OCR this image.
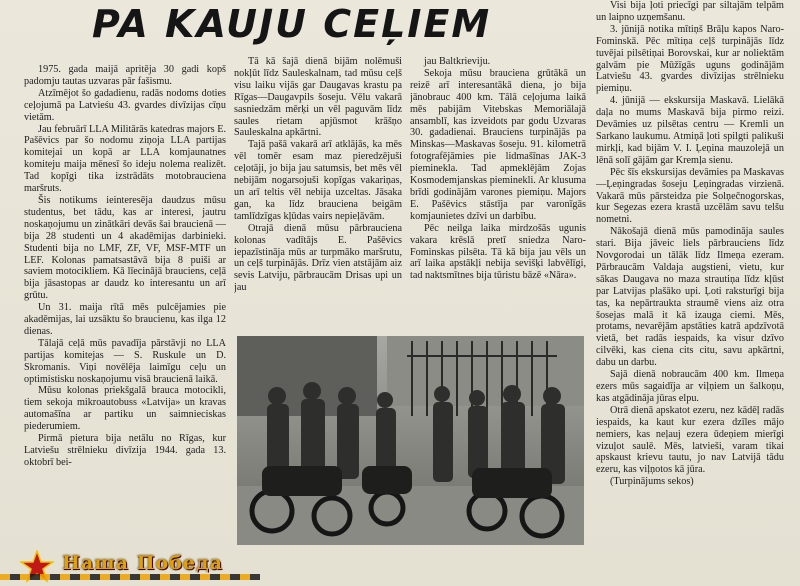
PA KAUJU CEĻIEM

1975. gada maijā apritēja 30 gadi kopš padomju tautas uzvaras pār fašismu.

Atzīmējot šo gadadienu, radās nodoms doties ceļojumā pa Latvieśu 43. gvardes divīzijas cīņu vietām.

Jau februārī LLA Militārās katedras majors E. Pašēvics par šo nodomu ziņoja LLA partijas komitejai un kopā ar LLA komjaunatnes komiteju maija mēnesī šo ideju nolema realizēt. Tad kopīgi tika izstrādāts motobrauciena maršruts.

Šis notikums ieinteresēja daudzus mūsu studentus, bet tādu, kas ar interesi, jautru noskaņojumu un zinātkāri devās šai braucienā — bija 28 studenti un 4 akadēmijas darbinieki. Studenti bija no LMF, ZF, VF, MSF-MTF un LEF. Kolonas pamatsastāvā bija 8 puiši ar saviem motocikliem. Kā līecinājā brauciens, ceļā bija jāsastopas ar daudz ko interesantu un arī grūtu.

Un 31. maija rītā mēs pulcējamies pie akadēmijas, lai uzsāktu šo braucienu, kas ilga 12 dienas.

Tālajā ceļā mūs pavadīja pārstāvji no LLA partijas komitejas — S. Ruskule un D. Skromanis. Viņi novēlēja laimīgu ceļu un optimistisku noskaņojumu visā braucienā laikā.

Mūsu kolonas priekšgalā brauca motocikli, tiem sekoja mikroautobuss «Latvija» un kravas automašīna ar partiku un saimnieciskas piederumiem.

Pirmā pietura bija netālu no Rīgas, kur Latviešu strēlnieku divīzija 1944. gada 13. oktobrī bei-

Tā kā šajā dienā bijām nolēmuši nokļūt līdz Sauleskalnam, tad mūsu ceļš visu laiku vijās gar Daugavas krastu pa Rīgas—Daugavpils šoseju. Vēlu vakarā sasniedzām mērķi un vēl paguvām līdz saules rietam apjūsmot krāšņo Sauleskalna apkārtni.

Tajā pašā vakarā arī atklājās, ka mēs vēl tomēr esam maz pieredzējuši ceļotāji, jo bija jau satumsis, bet mēs vēl nebijām nogarsojuši kopīgas vakariņas, un arī teltis vēl nebija uzceltas. Jāsaka gan, ka līdz brauciena beigām tamlīdzīgas kļūdas vairs nepieļāvām.

Otrajā dienā mūsu pārbrauciena kolonas vadītājs E. Pašēvics iepazīstināja mūs ar turpmāko maršrutu, un ceļš turpinājās. Drīz vien atstājām aiz sevis Latviju, pārbraucām Drisas upi un jau

jau Baltkrieviju.

Sekoja mūsu brauciena grūtākā un reizē arī interesantākā diena, jo bija jānobrauc 400 km. Tālā ceļojuma laikā mēs pabijām Vitebskas Memoriālajā ansamblī, kas izveidots par godu Uzvaras 30. gadadienai. Brauciens turpinājās pa Minskas—Maskavas šoseju. 91. kilometrā fotografējāmies pie lidmašīnas JAK-3 piemineklа. Tad apmeklējām Zojas Kosmodemjanskas pieminekli. Ar klusuma brīdi godinājām varones piemiņu. Majors E. Pašēvics stāstīja par varonīgās komjaunietes dzīvi un darbību.

Pēc neilga laika mirdzošās ugunis vakara krēslā pretī sniedza Naro-Fominskas pilsēta. Tā kā bija jau vēls un arī laika apstākļi nebija sevišķi labvēlīgi, tad naktsmītnes bija tūristu bāzē «Nāra».

Visi bija ļoti priecīgi par siltajām telpām un laipno uzņemšanu.

3. jūnijā notika mītiņš Brāļu kapos Naro-Fominskā. Pēc mītiņa ceļš turpinājās līdz tuvējai pilsētiņai Borovskai, kur ar noliektām galvām pie Mūžīgās uguns godinājām Latviešu 43. gvardes divīzijas strēlnieku piemiņu.

4. jūnijā — ekskursija Maskavā. Lielākā daļa no mums Maskavā bija pirmo reizi. Devāmies uz pilsētas centru — Kremli un Sarkano laukumu. Atmiņā ļoti spilgti palikuši mirkļi, kad bijām V. I. Ļeņina mauzolejā un lēnā solī gājām gar Kremļa sienu.

Pēc šīs ekskursijas devāmies pa Maskavas—Ļeņingradas šoseju Ļeņingradas virzienā. Vakarā mūs pārsteidza pie Solņečnogorskas, kur Segezas ezera krastā uzcēlām savu telšu nometni.

Nākošajā dienā mūs pamodināja saules stari. Bija jāveic liels pārbrauciens līdz Novgorodai un tālāk līdz Ilmeņa ezeram. Pārbraucām Valdaja augstieni, vietu, kur sākas Daugava no maza strautiņa līdz kļūst par Latvijas plašāko upi. Ļoti raksturīgi bija tas, ka nepārtraukta straumē viens aiz otra šosejas malā it kā izauga ciemi. Mēs, protams, nevarējām apstāties katrā apdzīvotā vietā, bet radās iespaids, ka visur dzīvo cilvēki, kas ciena cits citu, savu apkārtni, dabu un darbu.

Sajā dienā nobraucām 400 km. Ilmeņa ezers mūs sagaidīja ar viļņiem un šalkoņu, kas atgādināja jūras elpu.

Otrā dienā apskatot ezeru, nez kādēļ radās iespaids, ka kaut kur ezera dzīles mājo nemiers, kas neļauj ezera ūdeņiem mierīgi vizuļot saulē. Mēs, latvieši, varam tikai apskaust krievu tautu, jo nav Latvijā tādu ezeru, kas viļņotos kā jūra.

(Turpinājums sekos)

Наша Победа
